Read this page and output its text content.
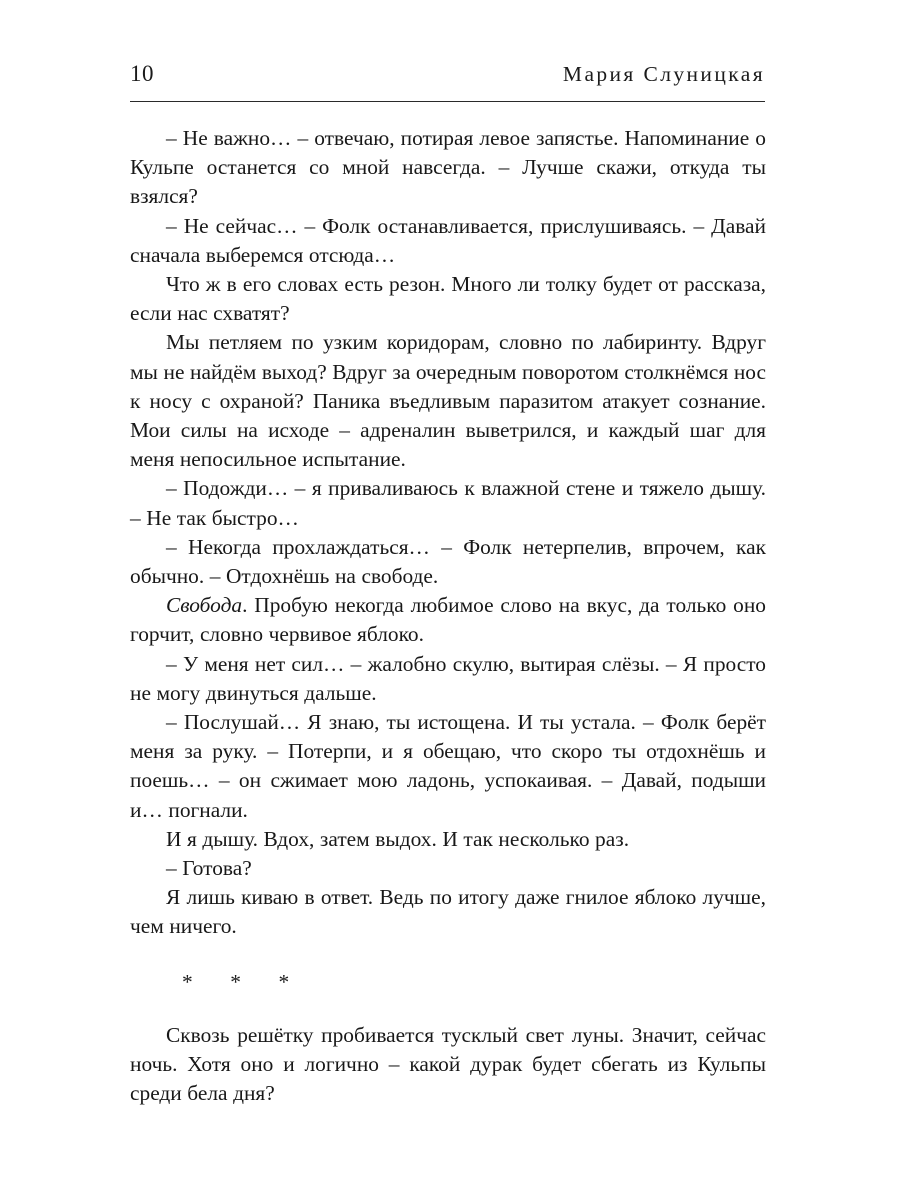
10	Мария Слуницкая

– Не важно… – отвечаю, потирая левое запястье. Напоминание о Кульпе останется со мной навсегда. – Лучше скажи, откуда ты взялся?

– Не сейчас… – Фолк останавливается, прислушиваясь. – Давай сначала выберемся отсюда…

Что ж в его словах есть резон. Много ли толку будет от рассказа, если нас схватят?

Мы петляем по узким коридорам, словно по лабиринту. Вдруг мы не найдём выход? Вдруг за очередным поворотом столкнёмся нос к носу с охраной? Паника въедливым паразитом атакует сознание. Мои силы на исходе – адреналин выветрился, и каждый шаг для меня непосильное испытание.

– Подожди… – я приваливаюсь к влажной стене и тяжело дышу. – Не так быстро…

– Некогда прохлаждаться… – Фолк нетерпелив, впрочем, как обычно. – Отдохнёшь на свободе.

Свобода. Пробую некогда любимое слово на вкус, да только оно горчит, словно червивое яблоко.

– У меня нет сил… – жалобно скулю, вытирая слёзы. – Я просто не могу двинуться дальше.

– Послушай… Я знаю, ты истощена. И ты устала. – Фолк берёт меня за руку. – Потерпи, и я обещаю, что скоро ты отдохнёшь и поешь… – он сжимает мою ладонь, успокаивая. – Давай, подыши и… погнали.

И я дышу. Вдох, затем выдох. И так несколько раз.

– Готова?

Я лишь киваю в ответ. Ведь по итогу даже гнилое яблоко лучше, чем ничего.

* * *

Сквозь решётку пробивается тусклый свет луны. Значит, сейчас ночь. Хотя оно и логично – какой дурак будет сбегать из Кульпы среди бела дня?
